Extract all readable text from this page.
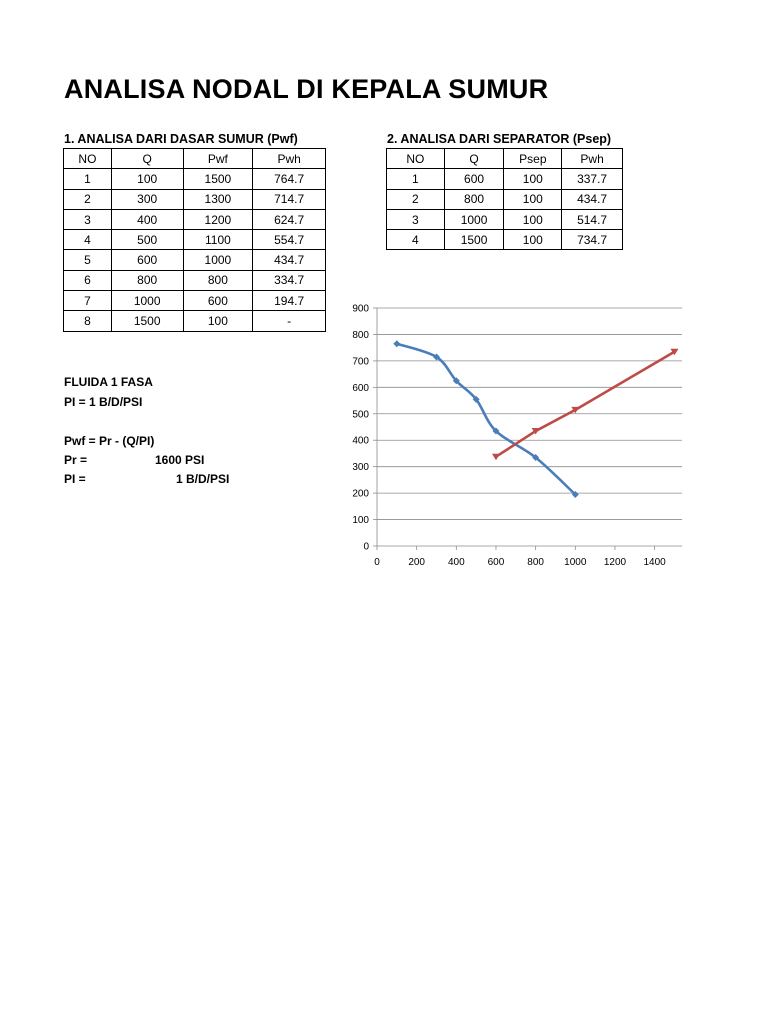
ANALISA NODAL DI KEPALA SUMUR
1. ANALISA DARI DASAR SUMUR (Pwf)
NO	Q	Pwf	Pwh
1	100	1500	764.7
2	300	1300	714.7
3	400	1200	624.7
4	500	1100	554.7
5	600	1000	434.7
6	800	800	334.7
7	1000	600	194.7
8	1500	100	-
2. ANALISA DARI SEPARATOR (Psep)
NO	Q	Psep	Pwh
1	600	100	337.7
2	800	100	434.7
3	1000	100	514.7
4	1500	100	734.7
FLUIDA 1 FASA
PI = 1 B/D/PSI
Pwf = Pr - (Q/PI)
Pr =	1600 PSI
PI =	1 B/D/PSI
0
100
200
300
400
500
600
700
800
900
0	200 400 600 800 1000 1200 1400
